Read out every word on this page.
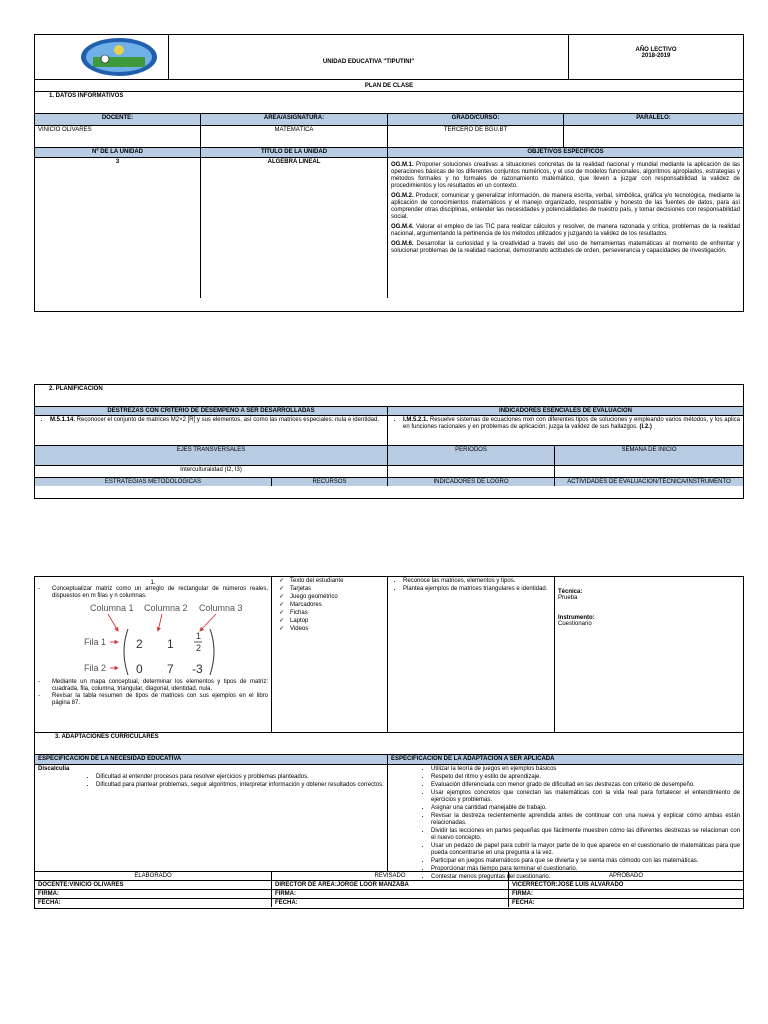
UNIDAD EDUCATIVA "TIPUTINI"
AÑO LECTIVO
2018-2019
PLAN DE CLASE
1. DATOS INFORMATIVOS
DOCENTE:	ÁREA/ASIGNATURA:	GRADO/CURSO:	PARALELO:
VINICIO OLIVARES	MATEMÁTICA	TERCERO DE BGU.BT
Nº DE LA UNIDAD	TÍTULO DE LA UNIDAD	OBJETIVOS ESPECÍFICOS
3	ALGEBRA LINEAL	OG.M.1. Proponer soluciones creativas a situaciones concretas de la realidad nacional y mundial mediante la aplicación de las operaciones básicas de los diferentes conjuntos numéricos, y el uso de modelos funcionales, algoritmos apropiados, estrategias y métodos formales y no formales de razonamiento matemático, que lleven a juzgar con responsabilidad la validez de procedimientos y los resultados en un contexto.

OG.M.2. Producir, comunicar y generalizar información, de manera escrita, verbal, simbólica, gráfica y/o tecnológica, mediante la aplicación de conocimientos matemáticos y el manejo organizado, responsable y honesto de las fuentes de datos, para así comprender otras disciplinas, entender las necesidades y potencialidades de nuestro país, y tomar decisiones con responsabilidad social.

OG.M.4. Valorar el empleo de las TIC para realizar cálculos y resolver, de manera razonada y crítica, problemas de la realidad nacional, argumentando la pertinencia de los métodos utilizados y juzgando la validez de los resultados.

OG.M.6. Desarrollar la curiosidad y la creatividad a través del uso de herramientas matemáticas al momento de enfrentar y solucionar problemas de la realidad nacional, demostrando actitudes de orden, perseverancia y capacidades de investigación.

2. PLANIFICACIÓN
DESTREZAS CON CRITERIO DE DESEMPEÑO A SER DESARROLLADAS	INDICADORES ESENCIALES DE EVALUACIÓN
• M.5.1.14. Reconocer el conjunto de matrices M2×2 [R] y sus elementos, así como las matrices especiales: nula e identidad.
•	I.M.5.2.1. Resuelve sistemas de ecuaciones mxn con diferentes tipos de soluciones y empleando varios métodos, y los aplica en funciones racionales y en problemas de aplicación; juzga la validez de sus hallazgos. (I.2.)
EJES TRANSVERSALES	PERÍODOS	SEMANA DE INICIO
Interculturalidad (I2, I3)
ESTRATEGIAS METODOLÓGICAS	RECURSOS	INDICADORES DE LOGRO	ACTIVIDADES DE EVALUACIÓN/TÉCNICA/INSTRUMENTO
1.
-	Conceptualizar matriz como un arreglo de rectangular de números reales, dispuestos en m filas y n columnas.
Columna 1 Columna 2 Columna 3
Fila 1
Fila 2
2 1
1
2
0 7 -3
-	Mediante un mapa conceptual, determinar los elementos y tipos de matriz: cuadrada, fila, columna, triangular, diagonal, identidad, nula.
-	Revisar la tabla resumen de tipos de matrices con sus ejemplos en el libro página 87.
✓ Texto del estudiante
✓ Tarjetas
✓ Juego geométrico
✓ Marcadores
✓ Fichas
✓ Laptop
✓ Videos
• Reconoce las matrices, elementos y tipos.
• Plantea ejemplos de matrices triangulares e identidad.	Técnica:
Prueba
Instrumento:
Cuestionario
3. ADAPTACIONES CURRICULARES
ESPECIFICACIÓN DE LA NECESIDAD EDUCATIVA	ESPECIFICACIÓN DE LA ADAPTACIÓN A SER APLICADA
Discalculia
• Dificultad al entender procesos para resolver ejercicios y problemas planteados.
• Dificultad para plantear problemas, seguir algoritmos, interpretar información y obtener resultados correctos.
• Utilizar la teoría de juegos en ejemplos básicos
• Respeto del ritmo y estilo de aprendizaje.
• Evaluación diferenciada con menor grado de dificultad en las destrezas con criterio de desempeño.
• Usar ejemplos concretos que conectan las matemáticas con la vida real para fortalecer el entendimiento de ejercicios y problemas.
• Asignar una cantidad manejable de trabajo.
• Revisar la destreza recientemente aprendida antes de continuar con una nueva y explicar cómo ambas están relacionadas.
• Dividir las lecciones en partes pequeñas que fácilmente muestren cómo las diferentes destrezas se relacionan con el nuevo concepto.
• Usar un pedazo de papel para cubrir la mayor parte de lo que aparece en el cuestionario de matemáticas para que pueda concentrarse en una pregunta a la vez.
• Participar en juegos matemáticos para que se divierta y se sienta más cómodo con las matemáticas.
• Proporcionar más tiempo para terminar el cuestionario.
• Contestar menos preguntas del cuestionario.
ELABORADO	REVISADO	APROBADO
DOCENTE:VINICIO OLIVARES	DIRECTOR DE ÁREA:JORGE LOOR MANZABA	VICERRECTOR:JOSÉ LUIS ALVARADO
FIRMA:	FIRMA:	FIRMA:
FECHA:	FECHA:	FECHA:
